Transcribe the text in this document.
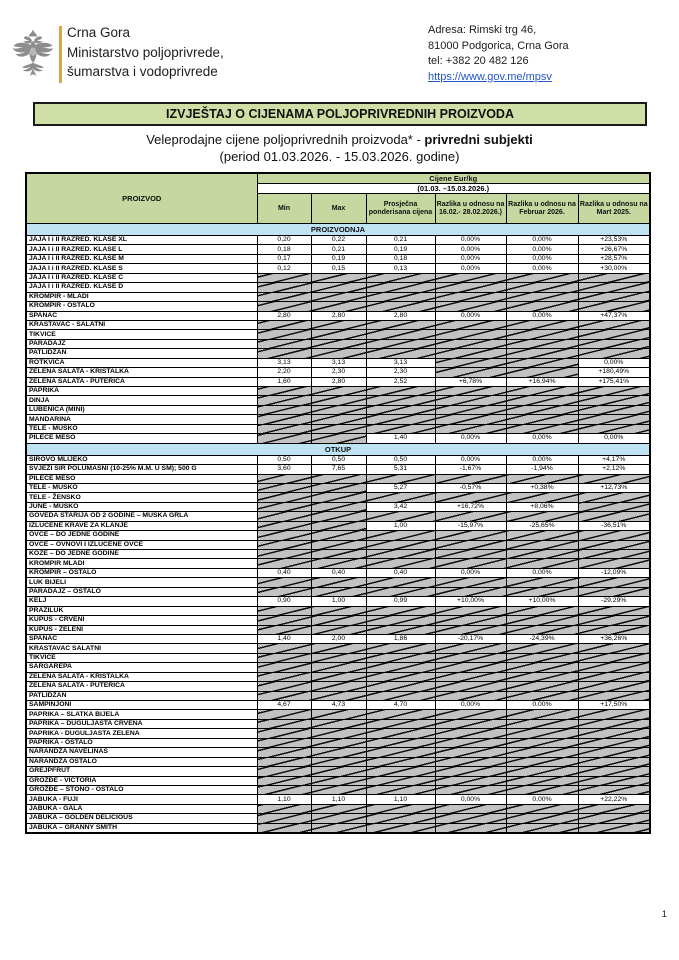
Crna Gora
Ministarstvo poljoprivrede,
šumarstva i vodoprivrede
Adresa: Rimski trg 46,
81000 Podgorica, Crna Gora
tel: +382 20 482 126
https://www.gov.me/mpsv
IZVJEŠTAJ O CIJENAMA POLJOPRIVREDNIH PROIZVODA
Veleprodajne cijene poljoprivrednih proizvoda* - privredni subjekti
(period 01.03.2026. - 15.03.2026. godine)
PROIZVOD	Cijene Eur/kg					
	(01.03. –15.03.2026.)					
	Min	Max	Prosječna ponderisana cijena	Razlika u odnosu na 16.02.- 28.02.2026.)	Razlika u odnosu na Februar 2026.	Razlika u odnosu na Mart 2025.
PROIZVODNJA						
JAJA I i II RAZRED. KLASE XL	0,20	0,22	0,21	0,00%	0,00%	+23,53%
JAJA I i II RAZRED. KLASE L	0,18	0,21	0,19	0,00%	0,00%	+26,67%
JAJA I i II RAZRED. KLASE M	0,17	0,19	0,18	0,00%	0,00%	+28,57%
JAJA I i II RAZRED. KLASE S	0,12	0,15	0,13	0,00%	0,00%	+30,00%
JAJA I i II RAZRED. KLASE C						
JAJA I i II RAZRED. KLASE D						
KROMPIR - MLADI						
KROMPIR - OSTALO						
SPANAĆ	2,80	2,80	2,80	0,00%	0,00%	+47,37%
KRASTAVAC - SALATNI						
TIKVICE						
PARADAJZ						
PATLIDŽAN						
ROTKVICA	3,13	3,13	3,13			0,00%
ZELENA SALATA - KRISTALKA	2,20	2,30	2,30			+180,49%
ZELENA SALATA - PUTERICA	1,60	2,80	2,52	+6,78%	+16,94%	+175,41%
PAPRIKA						
DINJA						
LUBENICA (MINI)						
MANDARINA						
TELE - MUŠKO						
PILEĆE MESO			1,40	0,00%	0,00%	0,00%
OTKUP						
SIROVO MLIJEKO	0,50	0,50	0,50	0,00%	0,00%	+4,17%
SVJEŽI SIR POLUMASNI (10-25% M.M. U SM); 500 G	3,60	7,65	5,31	-1,67%	-1,94%	+2,12%
PILEĆE MESO						
TELE - MUŠKO			5,27	-0,57%	+0,38%	+12,73%
TELE - ŽENSKO						
JUNE - MUŠKO			3,42	+16,72%	+8,06%	
GOVEDA STARIJA OD 2 GODINE – MUŠKA GRLA						
IZLUČENE KRAVE ZA KLANJE			1,00	-15,97%	-25,65%	-36,51%
OVCE – DO JEDNE GODINE						
OVCE – OVNOVI I IZLUČENE OVCE						
KOZE – DO JEDNE GODINE						
KROMPIR MLADI						
KROMPIR – OSTALO	0,40	0,40	0,40	0,00%	0,00%	-12,09%
LUK BIJELI						
PARADAJZ – OSTALO						
KELJ	0,90	1,00	0,99	+10,00%	+10,00%	-29,29%
PRAZILUK						
KUPUS - CRVENI						
KUPUS - ZELENI						
SPANAĆ	1,40	2,00	1,86	-20,17%	-24,39%	+36,26%
KRASTAVAC SALATNI						
TIKVICE						
ŠARGAREPA						
ZELENA SALATA - KRISTALKA						
ZELENA SALATA - PUTERICA						
PATLIDŽAN						
ŠAMPINJONI	4,67	4,73	4,70	0,00%	0,00%	+17,50%
PAPRIKA – SLATKA BIJELA						
PAPRIKA – DUGULJASTA CRVENA						
PAPRIKA - DUGULJASTA ZELENA						
PAPRIKA - OSTALO						
NARANDŽA NAVELINAS						
NARANDŽA OSTALO						
GREJPFRUT						
GROŽĐE - VICTORIA						
GROŽĐE – STONO - OSTALO						
JABUKA - FUJI	1,10	1,10	1,10	0,00%	0,00%	+22,22%
JABUKA - GALA						
JABUKA – GOLDEN DELICIOUS						
JABUKA – GRANNY SMITH						
1
